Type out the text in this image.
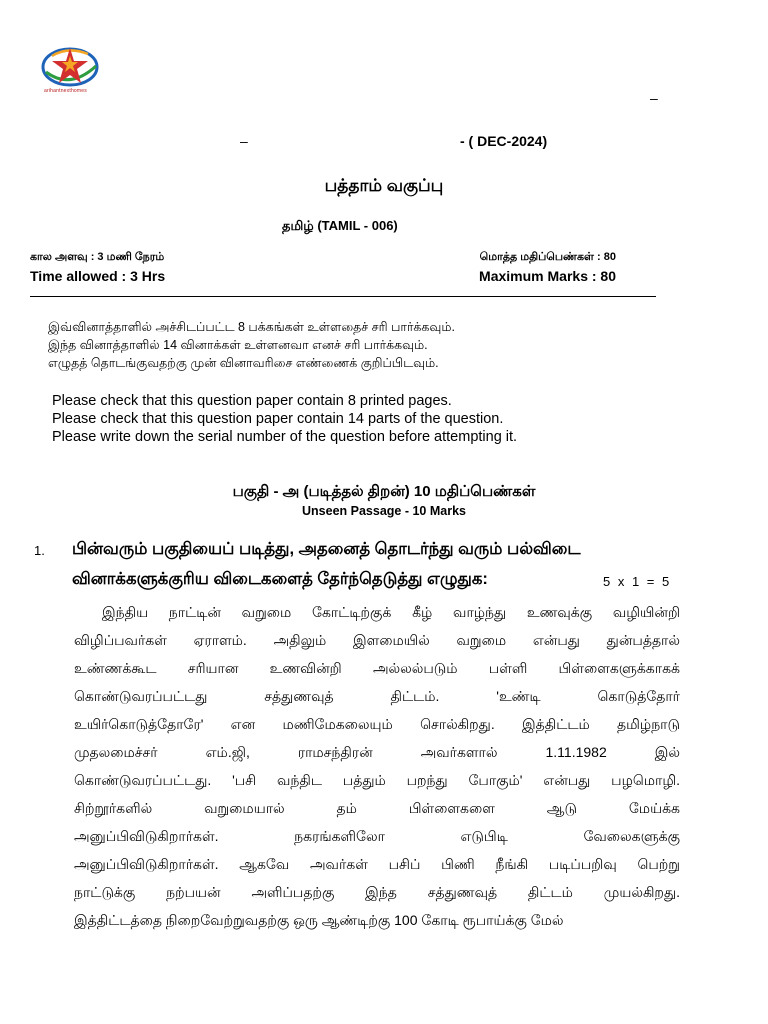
arihantnexthomes	–
–	- ( DEC-2024)
பத்தாம் வகுப்பு
தமிழ் (TAMIL - 006)
கால அளவு : 3 மணி நேரம்	மொத்த மதிப்பெண்கள் : 80
Time allowed : 3 Hrs	Maximum Marks : 80
இவ்வினாத்தாளில் அச்சிடப்பட்ட 8 பக்கங்கள் உள்ளதைச் சரி பார்க்கவும்.
இந்த வினாத்தாளில் 14 வினாக்கள் உள்ளனவா எனச் சரி பார்க்கவும்.
எழுதத் தொடங்குவதற்கு முன் வினாவரிசை எண்ணைக் குறிப்பிடவும்.
Please check that this question paper contain 8 printed pages.
Please check that this question paper contain 14 parts of the question.
Please write down the serial number of the question before attempting it.
பகுதி - அ (படித்தல் திறன்) 10 மதிப்பெண்கள்
Unseen Passage - 10 Marks
1. பின்வரும் பகுதியைப் படித்து, அதனைத் தொடர்ந்து வரும் பல்விடை
வினாக்களுக்குரிய விடைகளைத் தேர்ந்தெடுத்து எழுதுக:	5 x 1 = 5
இந்திய நாட்டின் வறுமை கோட்டிற்குக் கீழ் வாழ்ந்து உணவுக்கு வழியின்றி
விழிப்பவர்கள் ஏராளம். அதிலும் இளமையில் வறுமை என்பது துன்பத்தால்
உண்ணக்கூட சரியான உணவின்றி அல்லல்படும் பள்ளி பிள்ளைகளுக்காகக்
கொண்டுவரப்பட்டது சத்துணவுத் திட்டம். 'உண்டி கொடுத்தோர்
உயிர்கொடுத்தோரே' என மணிமேகலையும் சொல்கிறது. இத்திட்டம் தமிழ்நாடு
முதலமைச்சர் எம்.ஜி, ராமசந்திரன் அவர்களால் 1.11.1982 இல்
கொண்டுவரப்பட்டது. 'பசி வந்திட பத்தும் பறந்து போகும்' என்பது பழமொழி.
சிற்றூர்களில் வறுமையால் தம் பிள்ளைகளை ஆடு மேய்க்க
அனுப்பிவிடுகிறார்கள். நகரங்களிலோ எடுபிடி வேலைகளுக்கு
அனுப்பிவிடுகிறார்கள். ஆகவே அவர்கள் பசிப் பிணி நீங்கி படிப்பறிவு பெற்று
நாட்டுக்கு நற்பயன் அளிப்பதற்கு இந்த சத்துணவுத் திட்டம் முயல்கிறது.
இத்திட்டத்தை நிறைவேற்றுவதற்கு ஒரு ஆண்டிற்கு 100 கோடி ரூபாய்க்கு மேல்
